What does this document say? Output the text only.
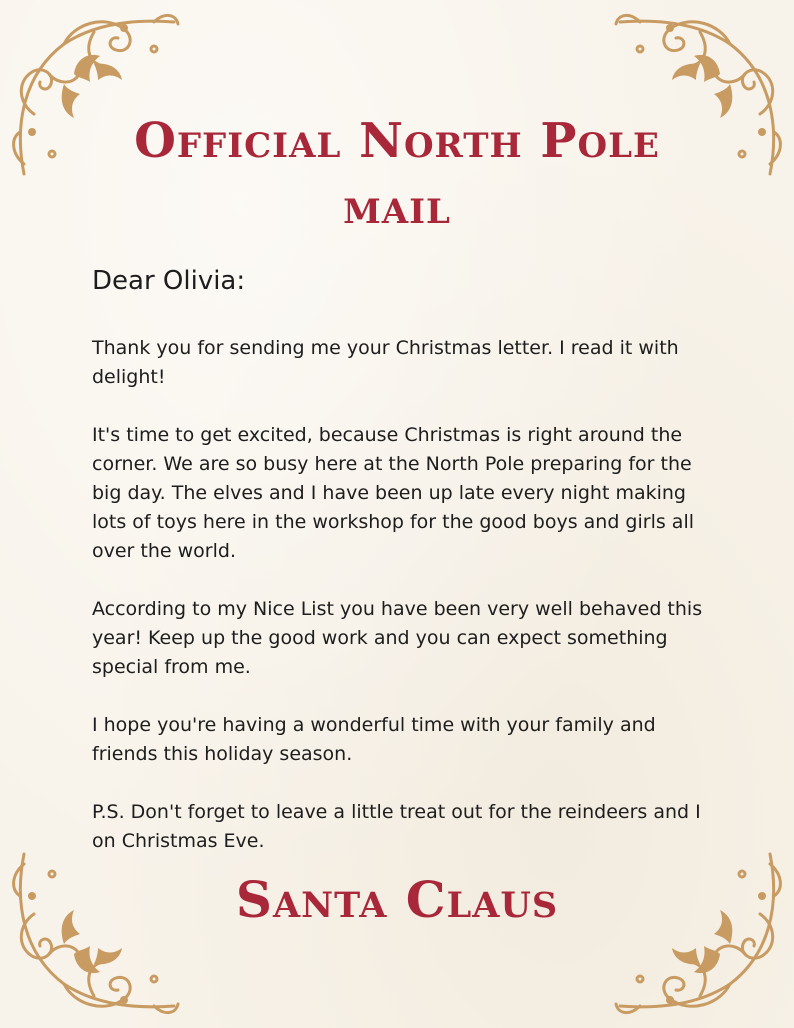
Official North Pole mail
Dear Olivia:

Thank you for sending me your Christmas letter. I read it with delight!

It's time to get excited, because Christmas is right around the corner. We are so busy here at the North Pole preparing for the big day. The elves and I have been up late every night making lots of toys here in the workshop for the good boys and girls all over the world.

According to my Nice List you have been very well behaved this year! Keep up the good work and you can expect something special from me.

I hope you're having a wonderful time with your family and friends this holiday season.

P.S. Don't forget to leave a little treat out for the reindeers and I on Christmas Eve.

Santa Claus
